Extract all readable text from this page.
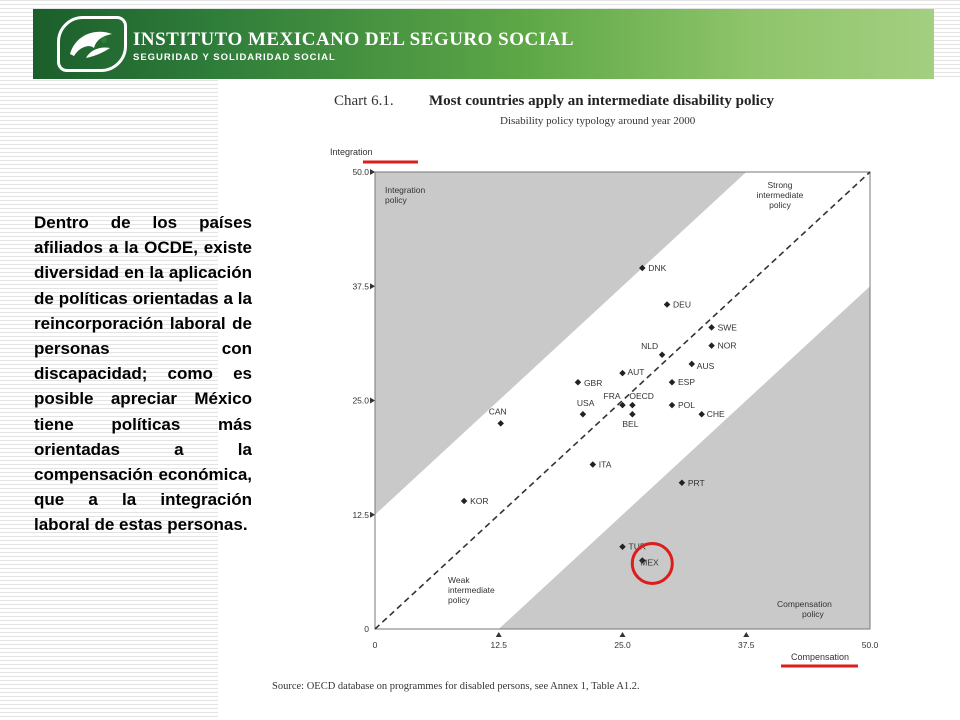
INSTITUTO MEXICANO DEL SEGURO SOCIAL
SEGURIDAD Y SOLIDARIDAD SOCIAL
Chart 6.1. Most countries apply an intermediate disability policy
Disability policy typology around year 2000
0
12.5
25.0
37.5
50.0
0	12.5	25.0	37.5	50.0
DNK
DEU
SWE
NLD	NOR
AUS
AUT
GBR	ESP
FRA OECD
POL
USA
BEL
CHE
CAN
ITA
PRT
KOR
TUR
MEX
Integration
Compensation
Integration policy
Strong intermediate policy
Weak intermediate policy	Compensation policy
Source: OECD database on programmes for disabled persons, see Annex 1, Table A1.2.
Dentro de los países afiliados a la OCDE, existe diversidad en la aplicación de políticas orientadas a la reincorporación laboral de personas con discapacidad; como es posible apreciar México tiene políticas más orientadas a la compensación económica, que a la integración laboral de estas personas.
